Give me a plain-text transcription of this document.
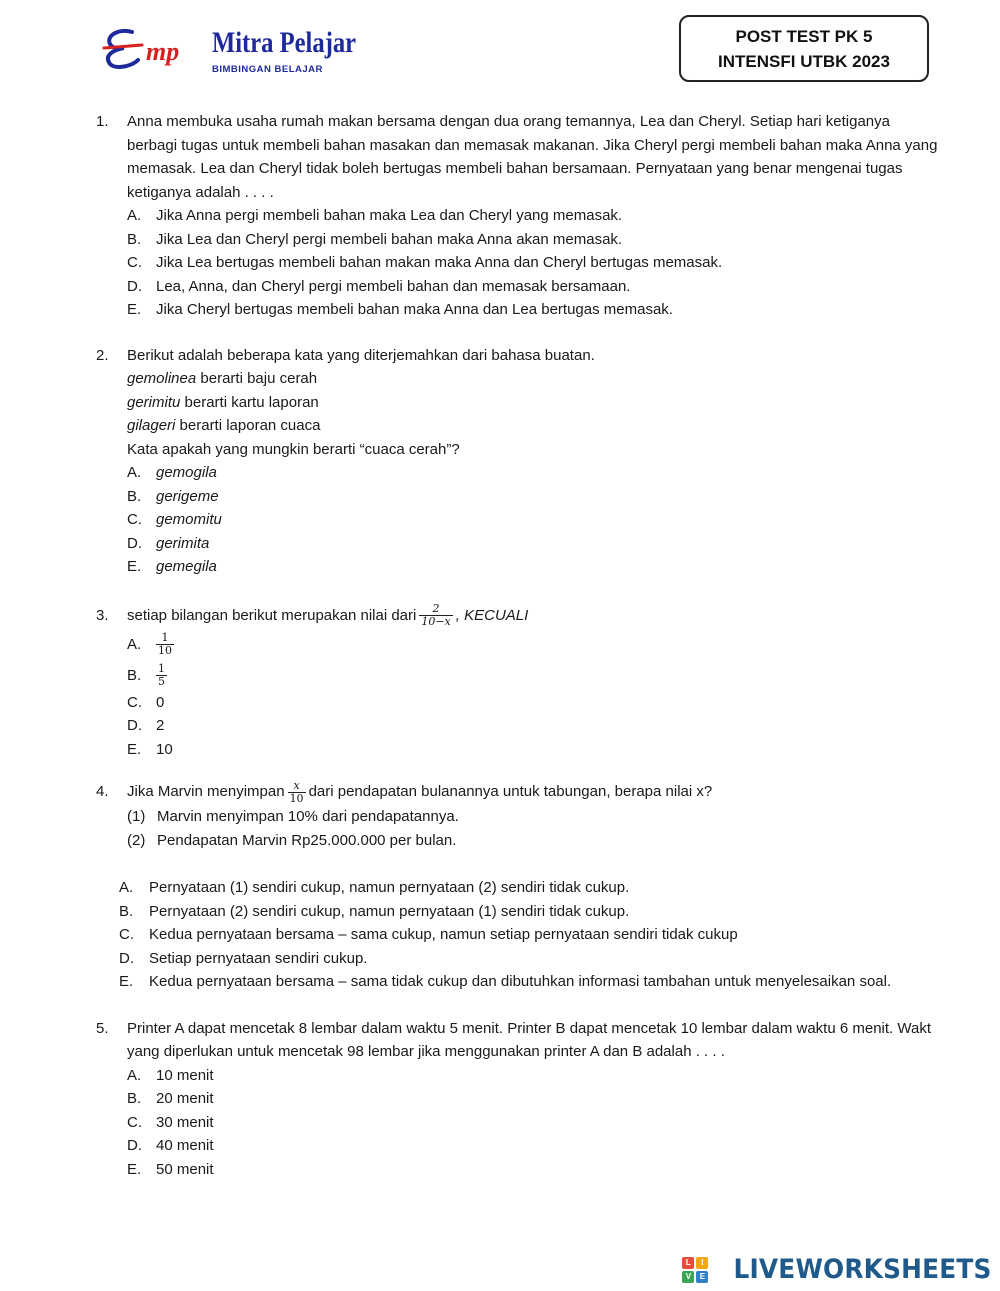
mp Mitra Pelajar
BIMBINGAN BELAJAR
POST TEST PK 5
INTENSFI UTBK 2023
1. Anna membuka usaha rumah makan bersama dengan dua orang temannya, Lea dan Cheryl. Setiap hari ketiganya berbagi tugas untuk membeli bahan masakan dan memasak makanan. Jika Cheryl pergi membeli bahan maka Anna yang memasak. Lea dan Cheryl tidak boleh bertugas membeli bahan bersamaan. Pernyataan yang benar mengenai tugas ketiganya adalah . . . .
A. Jika Anna pergi membeli bahan maka Lea dan Cheryl yang memasak.
B. Jika Lea dan Cheryl pergi membeli bahan maka Anna akan memasak.
C. Jika Lea bertugas membeli bahan makan maka Anna dan Cheryl bertugas memasak.
D. Lea, Anna, dan Cheryl pergi membeli bahan dan memasak bersamaan.
E. Jika Cheryl bertugas membeli bahan maka Anna dan Lea bertugas memasak.
2. Berikut adalah beberapa kata yang diterjemahkan dari bahasa buatan.
gemolinea berarti baju cerah
gerimitu berarti kartu laporan
gilageri berarti laporan cuaca
Kata apakah yang mungkin berarti “cuaca cerah”?
A. gemogila
B. gerigeme
C. gemomitu
D. gerimita
E. gemegila
3. setiap bilangan berikut merupakan nilai dari $\frac{2}{10-x}$ , KECUALI
A. $\frac{1}{10}$
B. $\frac{1}{5}$
C. 0
D. 2
E. 10
4. Jika Marvin menyimpan $\frac{x}{10}$ dari pendapatan bulanannya untuk tabungan, berapa nilai x?
(1) Marvin menyimpan 10% dari pendapatannya.
(2) Pendapatan Marvin Rp25.000.000 per bulan.
A. Pernyataan (1) sendiri cukup, namun pernyataan (2) sendiri tidak cukup.
B. Pernyataan (2) sendiri cukup, namun pernyataan (1) sendiri tidak cukup.
C. Kedua pernyataan bersama – sama cukup, namun setiap pernyataan sendiri tidak cukup
D. Setiap pernyataan sendiri cukup.
E. Kedua pernyataan bersama – sama tidak cukup dan dibutuhkan informasi tambahan untuk menyelesaikan soal.
5. Printer A dapat mencetak 8 lembar dalam waktu 5 menit. Printer B dapat mencetak 10 lembar dalam waktu 6 menit. Wakt yang diperlukan untuk mencetak 98 lembar jika menggunakan printer A dan B adalah . . . .
A. 10 menit
B. 20 menit
C. 30 menit
D. 40 menit
E. 50 menit
L	I
V	E LIVEWORKSHEETS
